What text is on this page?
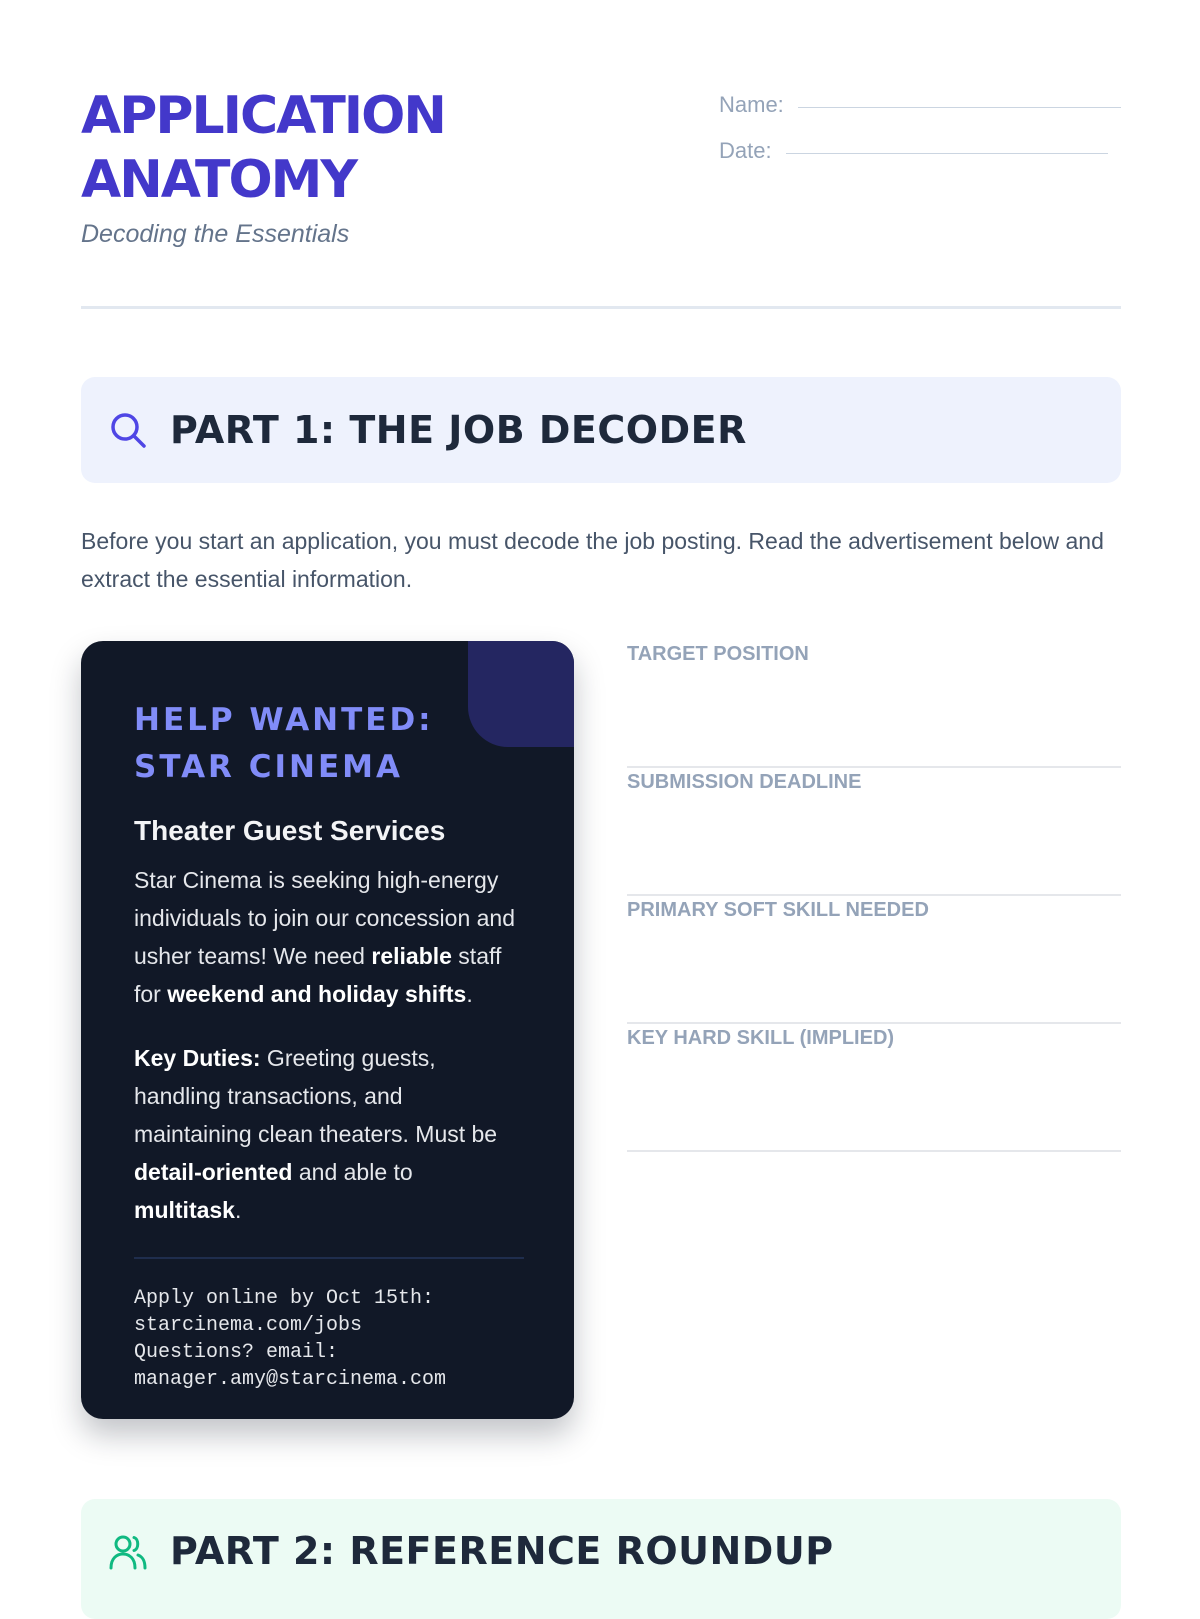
APPLICATION
ANATOMY
Decoding the Essentials
Name:
Date:
PART 1: THE JOB DECODER
Before you start an application, you must decode the job posting. Read the advertisement below and extract the essential information.
HELP WANTED: STAR CINEMA
Theater Guest Services
Star Cinema is seeking high-energy individuals to join our concession and usher teams! We need reliable staff for weekend and holiday shifts.
Key Duties: Greeting guests, handling transactions, and maintaining clean theaters. Must be detail-oriented and able to multitask.
Apply online by Oct 15th:
starcinema.com/jobs
Questions? email:
manager.amy@starcinema.com
TARGET POSITION
SUBMISSION DEADLINE
PRIMARY SOFT SKILL NEEDED
KEY HARD SKILL (IMPLIED)
PART 2: REFERENCE ROUNDUP
